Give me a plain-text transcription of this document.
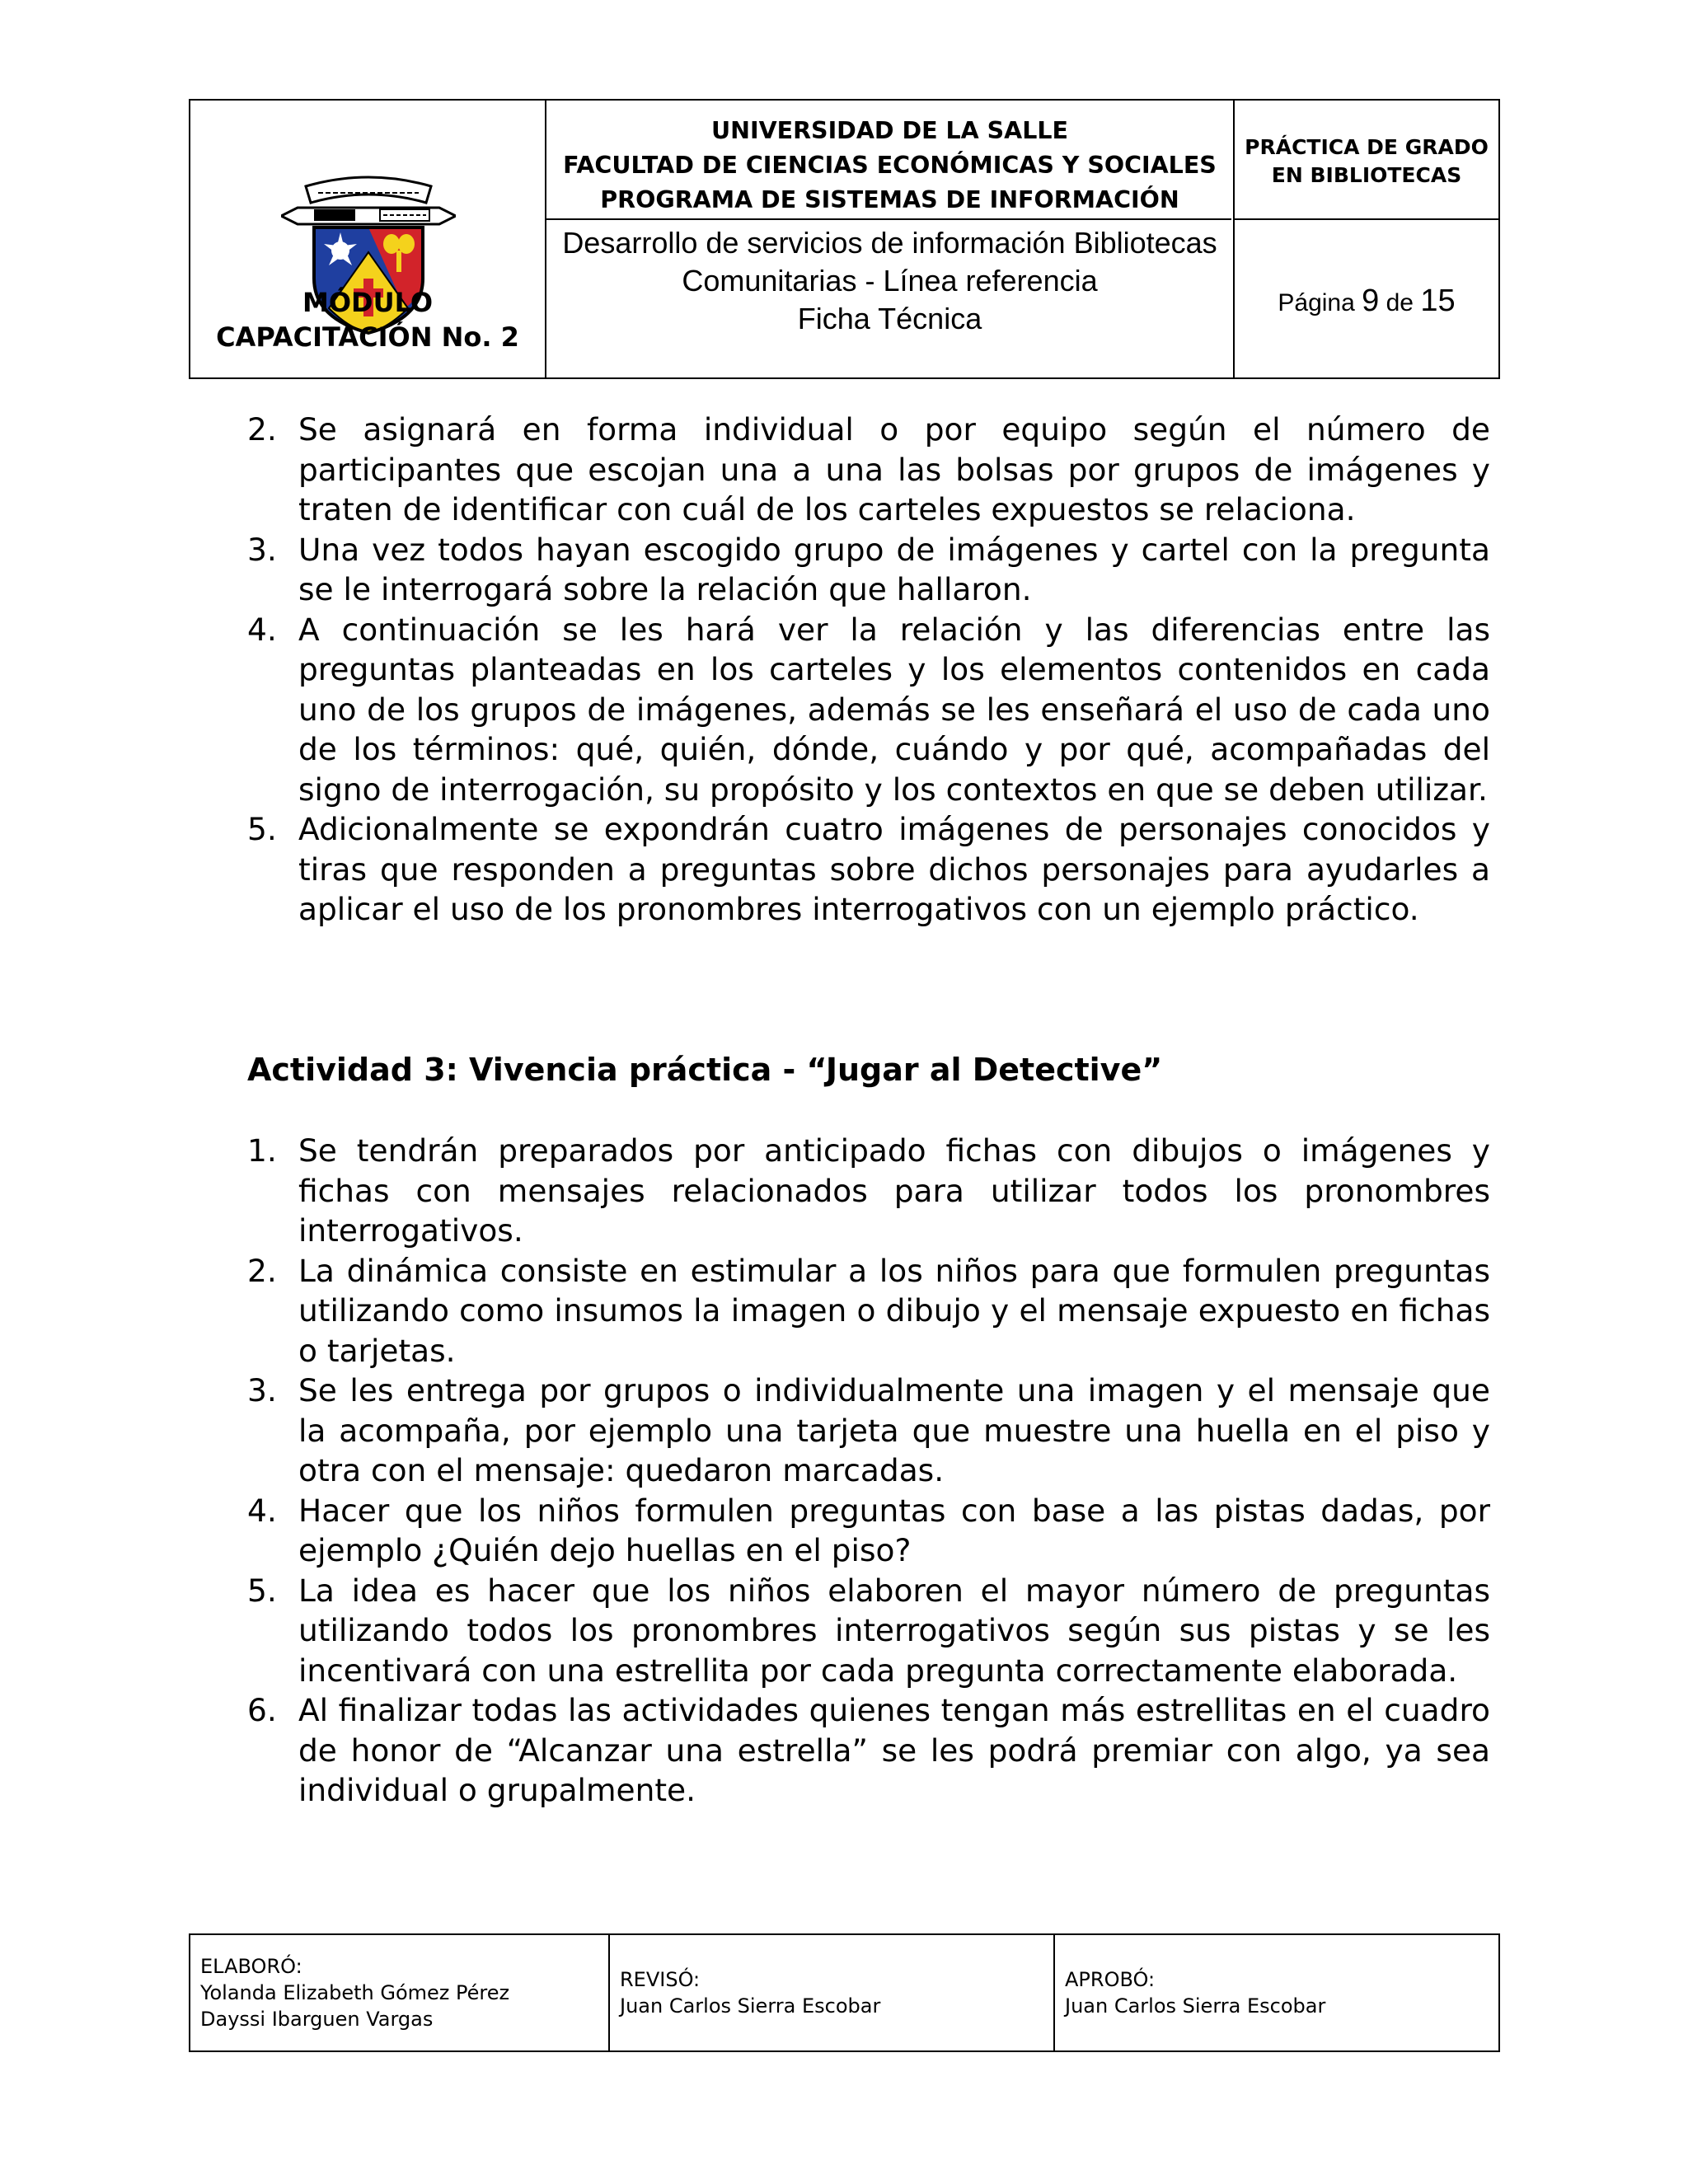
MÓDULO
CAPACITACIÓN No. 2
UNIVERSIDAD DE LA SALLE
FACULTAD DE CIENCIAS ECONÓMICAS Y SOCIALES
PROGRAMA DE SISTEMAS DE INFORMACIÓN
Desarrollo de servicios de información Bibliotecas
Comunitarias - Línea referencia
Ficha Técnica
PRÁCTICA DE GRADO
EN BIBLIOTECAS
Página 9 de 15
2. Se asignará en forma individual o por equipo según el número de participantes que escojan una a una las bolsas por grupos de imágenes y traten de identificar con cuál de los carteles expuestos se relaciona.
3. Una vez todos hayan escogido grupo de imágenes y cartel con la pregunta se le interrogará sobre la relación que hallaron.
4. A continuación se les hará ver la relación y las diferencias entre las preguntas planteadas en los carteles y los elementos contenidos en cada uno de los grupos de imágenes, además se les enseñará el uso de cada uno de los términos: qué, quién, dónde, cuándo y por qué, acompañadas del signo de interrogación, su propósito y los contextos en que se deben utilizar.
5. Adicionalmente se expondrán cuatro imágenes de personajes conocidos y tiras que responden a preguntas sobre dichos personajes para ayudarles a aplicar el uso de los pronombres interrogativos con un ejemplo práctico.
Actividad 3: Vivencia práctica - “Jugar al Detective”
1. Se tendrán preparados por anticipado fichas con dibujos o imágenes y fichas con mensajes relacionados para utilizar todos los pronombres interrogativos.
2. La dinámica consiste en estimular a los niños para que formulen preguntas utilizando como insumos la imagen o dibujo y el mensaje expuesto en fichas o tarjetas.
3. Se les entrega por grupos o individualmente una imagen y el mensaje que la acompaña, por ejemplo una tarjeta que muestre una huella en el piso y otra con el mensaje: quedaron marcadas.
4. Hacer que los niños formulen preguntas con base a las pistas dadas, por ejemplo ¿Quién dejo huellas en el piso?
5. La idea es hacer que los niños elaboren el mayor número de preguntas utilizando todos los pronombres interrogativos según sus pistas y se les incentivará con una estrellita por cada pregunta correctamente elaborada.
6. Al finalizar todas las actividades quienes tengan más estrellitas en el cuadro de honor de “Alcanzar una estrella” se les podrá premiar con algo, ya sea individual o grupalmente.
ELABORÓ:
Yolanda Elizabeth Gómez Pérez
Dayssi Ibarguen Vargas
REVISÓ:
Juan Carlos Sierra Escobar
APROBÓ:
Juan Carlos Sierra Escobar
